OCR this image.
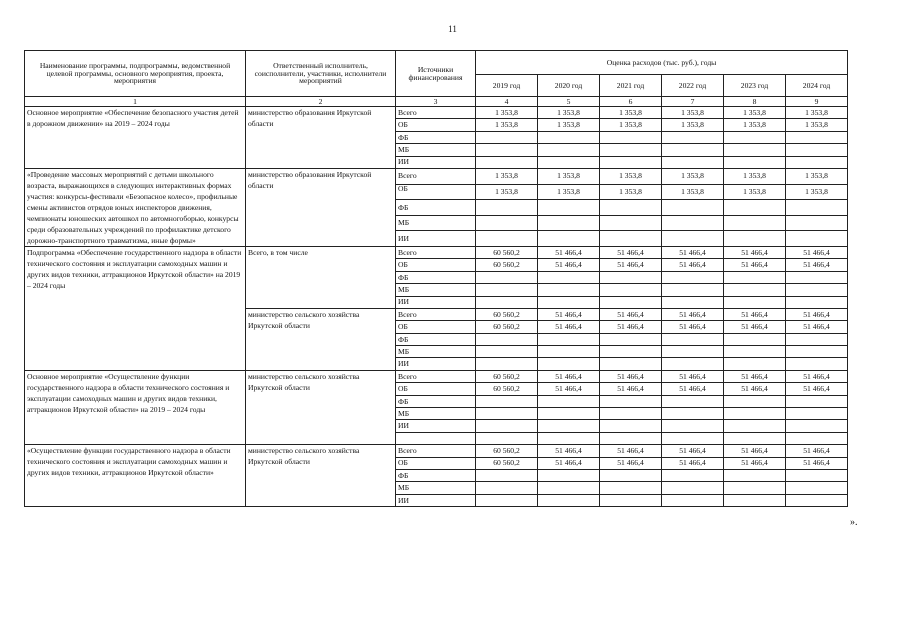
11
Наименование программы, подпрограммы, ведомственной целевой программы, основного мероприятия, проекта, мероприятия	Ответственный исполнитель, соисполнители, участники, исполнители мероприятий	Источники финансирования	Оценка расходов (тыс. руб.), годы					
			2019 год	2020 год	2021 год	2022 год	2023 год	2024 год
1	2	3	4	5	6	7	8	9
Основное мероприятие «Обеспечение безопасного участия детей в дорожном движении» на 2019 – 2024 годы	министерство образования Иркутской области	Всего	1 353,8	1 353,8	1 353,8	1 353,8	1 353,8	1 353,8
		ОБ	1 353,8	1 353,8	1 353,8	1 353,8	1 353,8	1 353,8
		ФБ						
		МБ						
		ИИ						
«Проведение массовых мероприятий с детьми школьного возраста, выражающихся в следующих интерактивных формах участия: конкурсы-фестивали «Безопасное колесо», профильные смены активистов отрядов юных инспекторов движения, чемпионаты юношеских автошкол по автомногоборью, конкурсы среди образовательных учреждений по профилактике детского дорожно-транспортного травматизма, иные формы»	министерство образования Иркутской области	Всего	1 353,8	1 353,8	1 353,8	1 353,8	1 353,8	1 353,8
		ОБ	1 353,8	1 353,8	1 353,8	1 353,8	1 353,8	1 353,8
		ФБ						
		МБ						
		ИИ						
Подпрограмма «Обеспечение государственного надзора в области технического состояния и эксплуатации самоходных машин и других видов техники, аттракционов Иркутской области» на 2019 – 2024 годы	Всего, в том числе	Всего	60 560,2	51 466,4	51 466,4	51 466,4	51 466,4	51 466,4
		ОБ	60 560,2	51 466,4	51 466,4	51 466,4	51 466,4	51 466,4
		ФБ						
		МБ						
		ИИ						
	министерство сельского хозяйства Иркутской области	Всего	60 560,2	51 466,4	51 466,4	51 466,4	51 466,4	51 466,4
		ОБ	60 560,2	51 466,4	51 466,4	51 466,4	51 466,4	51 466,4
		ФБ						
		МБ						
		ИИ						
Основное мероприятие «Осуществление функции государственного надзора в области технического состояния и эксплуатации самоходных машин и других видов техники, аттракционов Иркутской области» на 2019 – 2024 годы	министерство сельского хозяйства Иркутской области	Всего	60 560,2	51 466,4	51 466,4	51 466,4	51 466,4	51 466,4
		ОБ	60 560,2	51 466,4	51 466,4	51 466,4	51 466,4	51 466,4
		ФБ						
		МБ						
		ИИ						

«Осуществление функции государственного надзора в области технического состояния и эксплуатации самоходных машин и других видов техники, аттракционов Иркутской области»	министерство сельского хозяйства Иркутской области	Всего	60 560,2	51 466,4	51 466,4	51 466,4	51 466,4	51 466,4
		ОБ	60 560,2	51 466,4	51 466,4	51 466,4	51 466,4	51 466,4
		ФБ						
		МБ						
		ИИ						
».
